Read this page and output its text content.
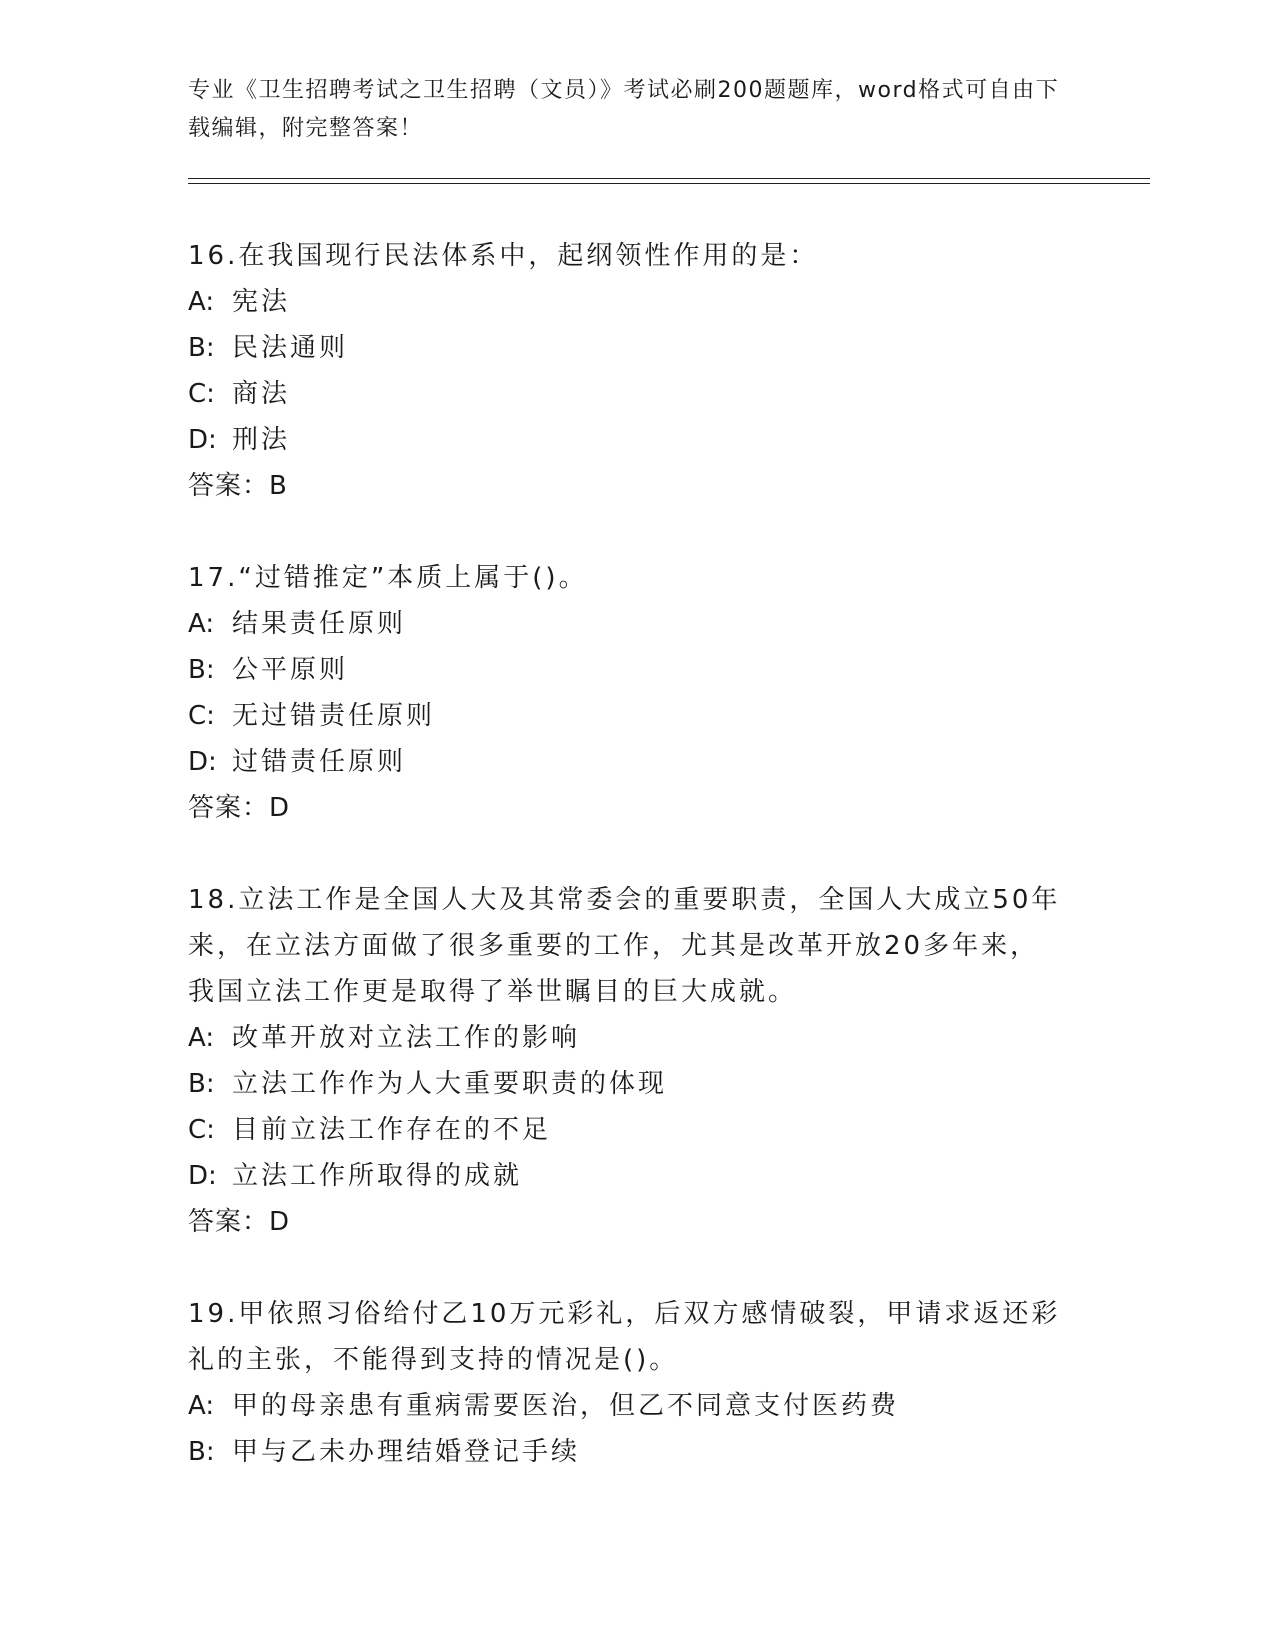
专业《卫生招聘考试之卫生招聘（文员）》考试必刷200题题库，word格式可自由下载编辑，附完整答案！

16.在我国现行民法体系中，起纲领性作用的是：

A: 宪法

B: 民法通则

C: 商法

D: 刑法

答案：B

17.“过错推定”本质上属于()。

A: 结果责任原则

B: 公平原则

C: 无过错责任原则

D: 过错责任原则

答案：D

18.立法工作是全国人大及其常委会的重要职责，全国人大成立50年来，在立法方面做了很多重要的工作，尤其是改革开放20多年来，我国立法工作更是取得了举世瞩目的巨大成就。

A: 改革开放对立法工作的影响

B: 立法工作作为人大重要职责的体现

C: 目前立法工作存在的不足

D: 立法工作所取得的成就

答案：D

19.甲依照习俗给付乙10万元彩礼，后双方感情破裂，甲请求返还彩礼的主张，不能得到支持的情况是()。

A: 甲的母亲患有重病需要医治，但乙不同意支付医药费

B: 甲与乙未办理结婚登记手续
